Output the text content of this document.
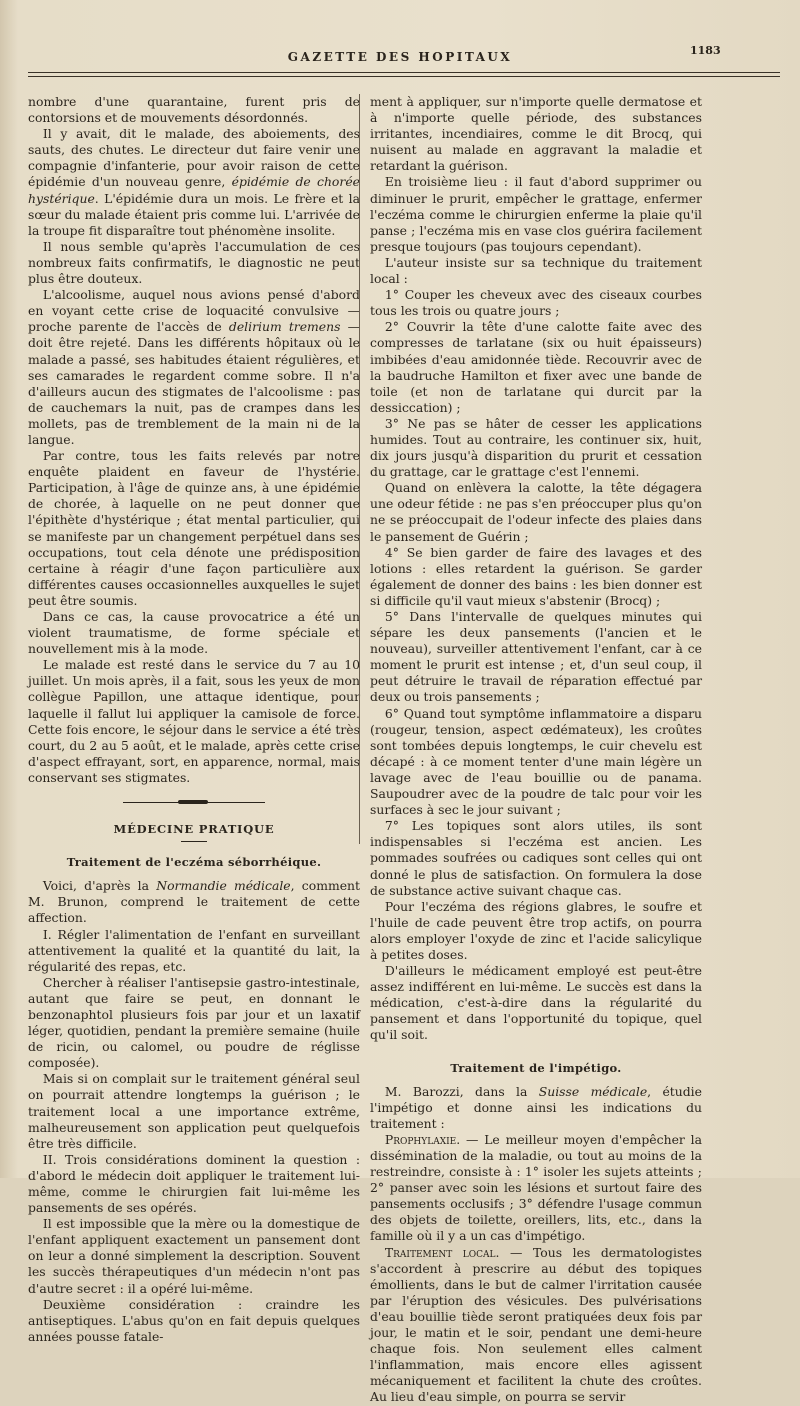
GAZETTE DES HOPITAUX	1183

nombre d'une quarantaine, furent pris de contorsions et de mouvements désordonnés.

Il y avait, dit le malade, des aboiements, des sauts, des chutes. Le directeur dut faire venir une compagnie d'infanterie, pour avoir raison de cette épidémie d'un nouveau genre, épidémie de chorée hystérique. L'épidémie dura un mois. Le frère et la sœur du malade étaient pris comme lui. L'arrivée de la troupe fit disparaître tout phénomène insolite.

Il nous semble qu'après l'accumulation de ces nombreux faits confirmatifs, le diagnostic ne peut plus être douteux.

L'alcoolisme, auquel nous avions pensé d'abord en voyant cette crise de loquacité convulsive — proche parente de l'accès de delirium tremens — doit être rejeté. Dans les différents hôpitaux où le malade a passé, ses habitudes étaient régulières, et ses camarades le regardent comme sobre. Il n'a d'ailleurs aucun des stigmates de l'alcoolisme : pas de cauchemars la nuit, pas de crampes dans les mollets, pas de tremblement de la main ni de la langue.

Par contre, tous les faits relevés par notre enquête plaident en faveur de l'hystérie. Participation, à l'âge de quinze ans, à une épidémie de chorée, à laquelle on ne peut donner que l'épithète d'hystérique ; état mental particulier, qui se manifeste par un changement perpétuel dans ses occupations, tout cela dénote une prédisposition certaine à réagir d'une façon particulière aux différentes causes occasionnelles auxquelles le sujet peut être soumis.

Dans ce cas, la cause provocatrice a été un violent traumatisme, de forme spéciale et nouvellement mis à la mode.

Le malade est resté dans le service du 7 au 10 juillet. Un mois après, il a fait, sous les yeux de mon collègue Papillon, une attaque identique, pour laquelle il fallut lui appliquer la camisole de force. Cette fois encore, le séjour dans le service a été très court, du 2 au 5 août, et le malade, après cette crise d'aspect effrayant, sort, en apparence, normal, mais conservant ses stigmates.

MÉDECINE PRATIQUE
Traitement de l'eczéma séborrhéique.

Voici, d'après la Normandie médicale, comment M. Brunon, comprend le traitement de cette affection.

I. Régler l'alimentation de l'enfant en surveillant attentivement la qualité et la quantité du lait, la régularité des repas, etc.

Chercher à réaliser l'antisepsie gastro-intestinale, autant que faire se peut, en donnant le benzonaphtol plusieurs fois par jour et un laxatif léger, quotidien, pendant la première semaine (huile de ricin, ou calomel, ou poudre de réglisse composée).

Mais si on complait sur le traitement général seul on pourrait attendre longtemps la guérison ; le traitement local a une importance extrême, malheureusement son application peut quelquefois être très difficile.

II. Trois considérations dominent la question : d'abord le médecin doit appliquer le traitement lui-même, comme le chirurgien fait lui-même les pansements de ses opérés.

Il est impossible que la mère ou la domestique de l'enfant appliquent exactement un pansement dont on leur a donné simplement la description. Souvent les succès thérapeutiques d'un médecin n'ont pas d'autre secret : il a opéré lui-même.

Deuxième considération : craindre les antiseptiques. L'abus qu'on en fait depuis quelques années pousse fatale-

ment à appliquer, sur n'importe quelle dermatose et à n'importe quelle période, des substances irritantes, incendiaires, comme le dit Brocq, qui nuisent au malade en aggravant la maladie et retardant la guérison.

En troisième lieu : il faut d'abord supprimer ou diminuer le prurit, empêcher le grattage, enfermer l'eczéma comme le chirurgien enferme la plaie qu'il panse ; l'eczéma mis en vase clos guérira facilement presque toujours (pas toujours cependant).

L'auteur insiste sur sa technique du traitement local :

1° Couper les cheveux avec des ciseaux courbes tous les trois ou quatre jours ;

2° Couvrir la tête d'une calotte faite avec des compresses de tarlatane (six ou huit épaisseurs) imbibées d'eau amidonnée tiède. Recouvrir avec de la baudruche Hamilton et fixer avec une bande de toile (et non de tarlatane qui durcit par la dessiccation) ;

3° Ne pas se hâter de cesser les applications humides. Tout au contraire, les continuer six, huit, dix jours jusqu'à disparition du prurit et cessation du grattage, car le grattage c'est l'ennemi.

Quand on enlèvera la calotte, la tête dégagera une odeur fétide : ne pas s'en préoccuper plus qu'on ne se préoccupait de l'odeur infecte des plaies dans le pansement de Guérin ;

4° Se bien garder de faire des lavages et des lotions : elles retardent la guérison. Se garder également de donner des bains : les bien donner est si difficile qu'il vaut mieux s'abstenir (Brocq) ;

5° Dans l'intervalle de quelques minutes qui sépare les deux pansements (l'ancien et le nouveau), surveiller attentivement l'enfant, car à ce moment le prurit est intense ; et, d'un seul coup, il peut détruire le travail de réparation effectué par deux ou trois pansements ;

6° Quand tout symptôme inflammatoire a disparu (rougeur, tension, aspect œdémateux), les croûtes sont tombées depuis longtemps, le cuir chevelu est décapé : à ce moment tenter d'une main légère un lavage avec de l'eau bouillie ou de panama. Saupoudrer avec de la poudre de talc pour voir les surfaces à sec le jour suivant ;

7° Les topiques sont alors utiles, ils sont indispensables si l'eczéma est ancien. Les pommades soufrées ou cadiques sont celles qui ont donné le plus de satisfaction. On formulera la dose de substance active suivant chaque cas.

Pour l'eczéma des régions glabres, le soufre et l'huile de cade peuvent être trop actifs, on pourra alors employer l'oxyde de zinc et l'acide salicylique à petites doses.

D'ailleurs le médicament employé est peut-être assez indifférent en lui-même. Le succès est dans la médication, c'est-à-dire dans la régularité du pansement et dans l'opportunité du topique, quel qu'il soit.

Traitement de l'impétigo.

M. Barozzi, dans la Suisse médicale, étudie l'impétigo et donne ainsi les indications du traitement :

Prophylaxie. — Le meilleur moyen d'empêcher la dissémination de la maladie, ou tout au moins de la restreindre, consiste à : 1° isoler les sujets atteints ; 2° panser avec soin les lésions et surtout faire des pansements occlusifs ; 3° défendre l'usage commun des objets de toilette, oreillers, lits, etc., dans la famille où il y a un cas d'impétigo.

Traitement local. — Tous les dermatologistes s'accordent à prescrire au début des topiques émollients, dans le but de calmer l'irritation causée par l'éruption des vésicules. Des pulvérisations d'eau bouillie tiède seront pratiquées deux fois par jour, le matin et le soir, pendant une demi-heure chaque fois. Non seulement elles calment l'inflammation, mais encore elles agissent mécaniquement et facilitent la chute des croûtes. Au lieu d'eau simple, on pourra se servir
